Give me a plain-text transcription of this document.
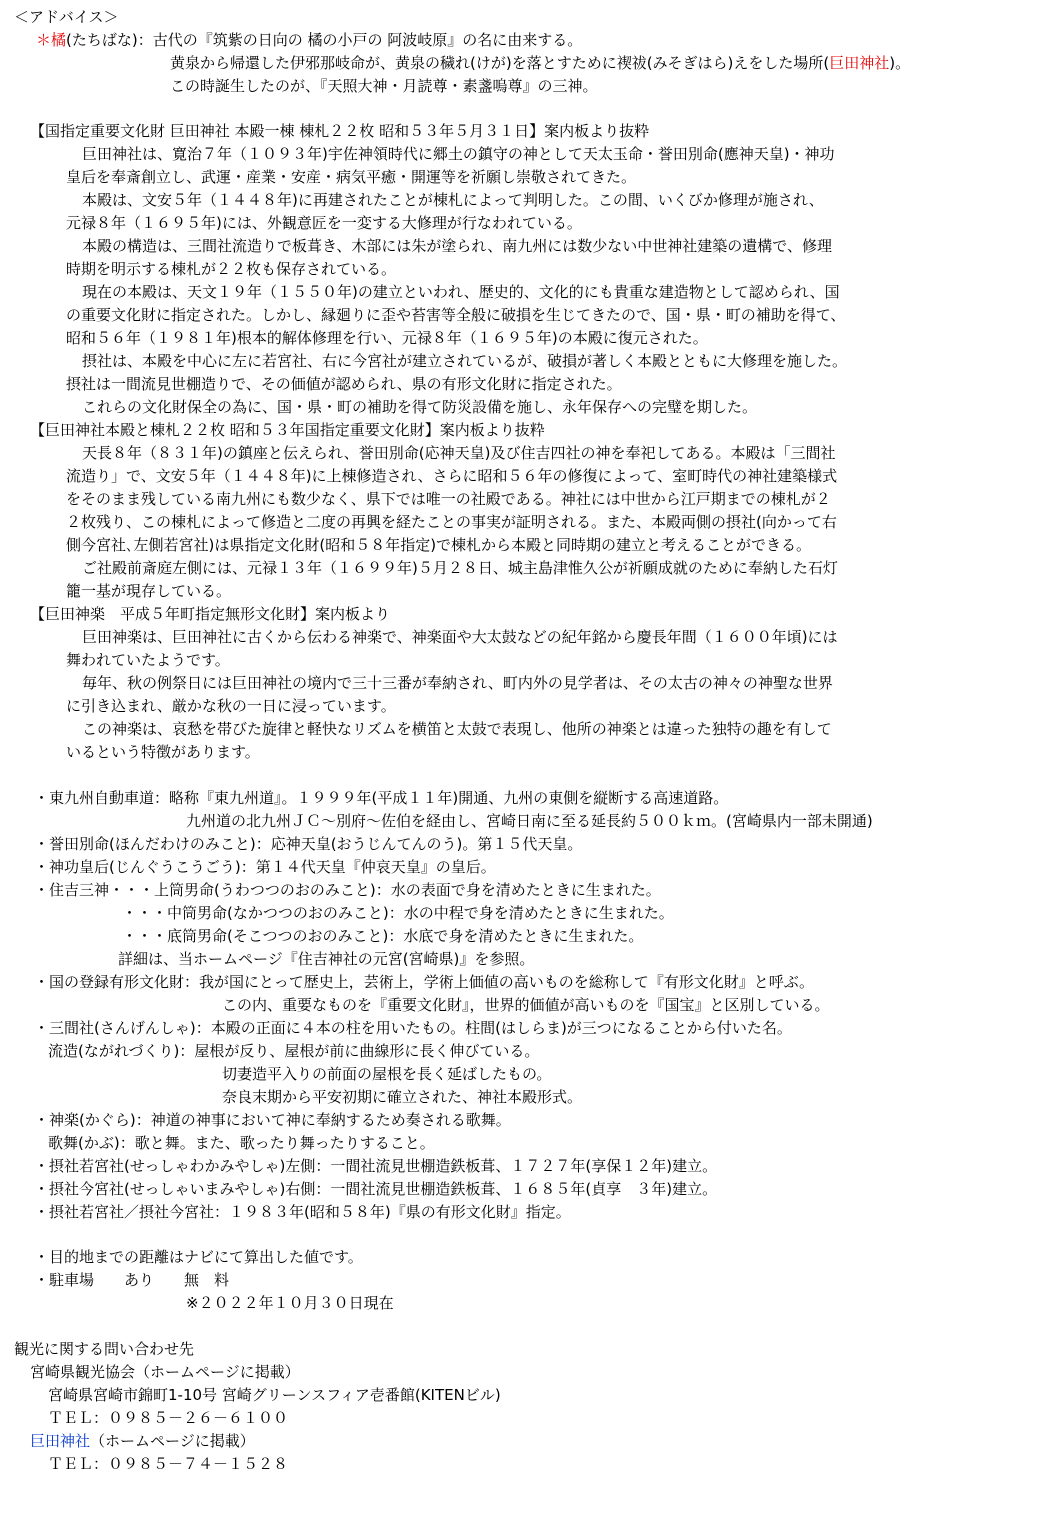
＜アドバイス＞
＊橘(たちばな)：古代の『筑紫の日向の 橘の小戸の 阿波岐原』の名に由来する。
黄泉から帰還した伊邪那岐命が、黄泉の穢れ(けが)を落とすために禊祓(みそぎはら)えをした場所(巨田神社)。
この時誕生したのが、『天照大神・月読尊・素盞嗚尊』の三神。
【国指定重要文化財 巨田神社 本殿一棟 棟札２２枚 昭和５３年５月３１日】案内板より抜粋
巨田神社は、寛治７年（１０９３年)宇佐神領時代に郷土の鎮守の神として天太玉命・誉田別命(應神天皇)・神功
皇后を奉斎創立し、武運・産業・安産・病気平癒・開運等を祈願し崇敬されてきた。
本殿は、文安５年（１４４８年)に再建されたことが棟札によって判明した。この間、いくびか修理が施され、
元禄８年（１６９５年)には、外観意匠を一変する大修理が行なわれている。
本殿の構造は、三間社流造りで板葺き、木部には朱が塗られ、南九州には数少ない中世神社建築の遺構で、修理
時期を明示する棟札が２２枚も保存されている。
現在の本殿は、天文１９年（１５５０年)の建立といわれ、歴史的、文化的にも貴重な建造物として認められ、国
の重要文化財に指定された。しかし、縁廻りに歪や苔害等全般に破損を生じてきたので、国・県・町の補助を得て、
昭和５６年（１９８１年)根本的解体修理を行い、元禄８年（１６９５年)の本殿に復元された。
摂社は、本殿を中心に左に若宮社、右に今宮社が建立されているが、破損が著しく本殿とともに大修理を施した。
摂社は一間流見世棚造りで、その価値が認められ、県の有形文化財に指定された。
これらの文化財保全の為に、国・県・町の補助を得て防災設備を施し、永年保存への完璧を期した。
【巨田神社本殿と棟札２２枚 昭和５３年国指定重要文化財】案内板より抜粋
天長８年（８３１年)の鎮座と伝えられ、誉田別命(応神天皇)及び住吉四社の神を奉祀してある。本殿は「三間社
流造り」で、文安５年（１４４８年)に上棟修造され、さらに昭和５６年の修復によって、室町時代の神社建築様式
をそのまま残している南九州にも数少なく、県下では唯一の社殿である。神社には中世から江戸期までの棟札が２
２枚残り、この棟札によって修造と二度の再興を経たことの事実が証明される。また、本殿両側の摂社(向かって右
側今宮社､左側若宮社)は県指定文化財(昭和５８年指定)で棟札から本殿と同時期の建立と考えることができる。
ご社殿前斎庭左側には、元禄１３年（１６９９年)５月２８日、城主島津惟久公が祈願成就のために奉納した石灯
籠一基が現存している。
【巨田神楽　平成５年町指定無形文化財】案内板より
巨田神楽は、巨田神社に古くから伝わる神楽で、神楽面や大太鼓などの紀年銘から慶長年間（１６００年頃)には
舞われていたようです。
毎年、秋の例祭日には巨田神社の境内で三十三番が奉納され、町内外の見学者は、その太古の神々の神聖な世界
に引き込まれ、厳かな秋の一日に浸っています。
この神楽は、哀愁を帯びた旋律と軽快なリズムを横笛と太鼓で表現し、他所の神楽とは違った独特の趣を有して
いるという特徴があります。
・東九州自動車道：略称『東九州道』。１９９９年(平成１１年)開通、九州の東側を縦断する高速道路。
九州道の北九州ＪＣ～別府～佐伯を経由し、宮崎日南に至る延長約５００ｋｍ。(宮崎県内一部未開通)
・誉田別命(ほんだわけのみこと)：応神天皇(おうじんてんのう)。第１５代天皇。
・神功皇后(じんぐうこうごう)：第１４代天皇『仲哀天皇』の皇后。
・住吉三神・・・上筒男命(うわつつのおのみこと)：水の表面で身を清めたときに生まれた。
・・・中筒男命(なかつつのおのみこと)：水の中程で身を清めたときに生まれた。
・・・底筒男命(そこつつのおのみこと)：水底で身を清めたときに生まれた。
詳細は、当ホームページ『住吉神社の元宮(宮崎県)』を参照。
・国の登録有形文化財：我が国にとって歴史上，芸術上，学術上価値の高いものを総称して『有形文化財』と呼ぶ。
この内、重要なものを『重要文化財』，世界的価値が高いものを『国宝』と区別している。
・三間社(さんげんしゃ)：本殿の正面に４本の柱を用いたもの。柱間(はしらま)が三つになることから付いた名。
流造(ながれづくり)：屋根が反り、屋根が前に曲線形に長く伸びている。
切妻造平入りの前面の屋根を長く延ばしたもの。
奈良末期から平安初期に確立された、神社本殿形式。
・神楽(かぐら)：神道の神事において神に奉納するため奏される歌舞。
歌舞(かぶ)：歌と舞。また、歌ったり舞ったりすること。
・摂社若宮社(せっしゃわかみやしゃ)左側：一間社流見世棚造鉄板葺、１７２７年(享保１２年)建立。
・摂社今宮社(せっしゃいまみやしゃ)右側：一間社流見世棚造鉄板葺、１６８５年(貞享　３年)建立。
・摂社若宮社／摂社今宮社：１９８３年(昭和５８年)『県の有形文化財』指定。
・目的地までの距離はナビにて算出した値です。
・駐車場　　あり　　無　料
※２０２２年１０月３０日現在
観光に関する問い合わせ先
宮崎県観光協会（ホームページに掲載）
宮崎県宮崎市錦町1-10号 宮崎グリーンスフィア壱番館(KITENビル)
ＴＥＬ：０９８５－２６－６１００
巨田神社（ホームページに掲載）
ＴＥＬ：０９８５－７４－１５２８
